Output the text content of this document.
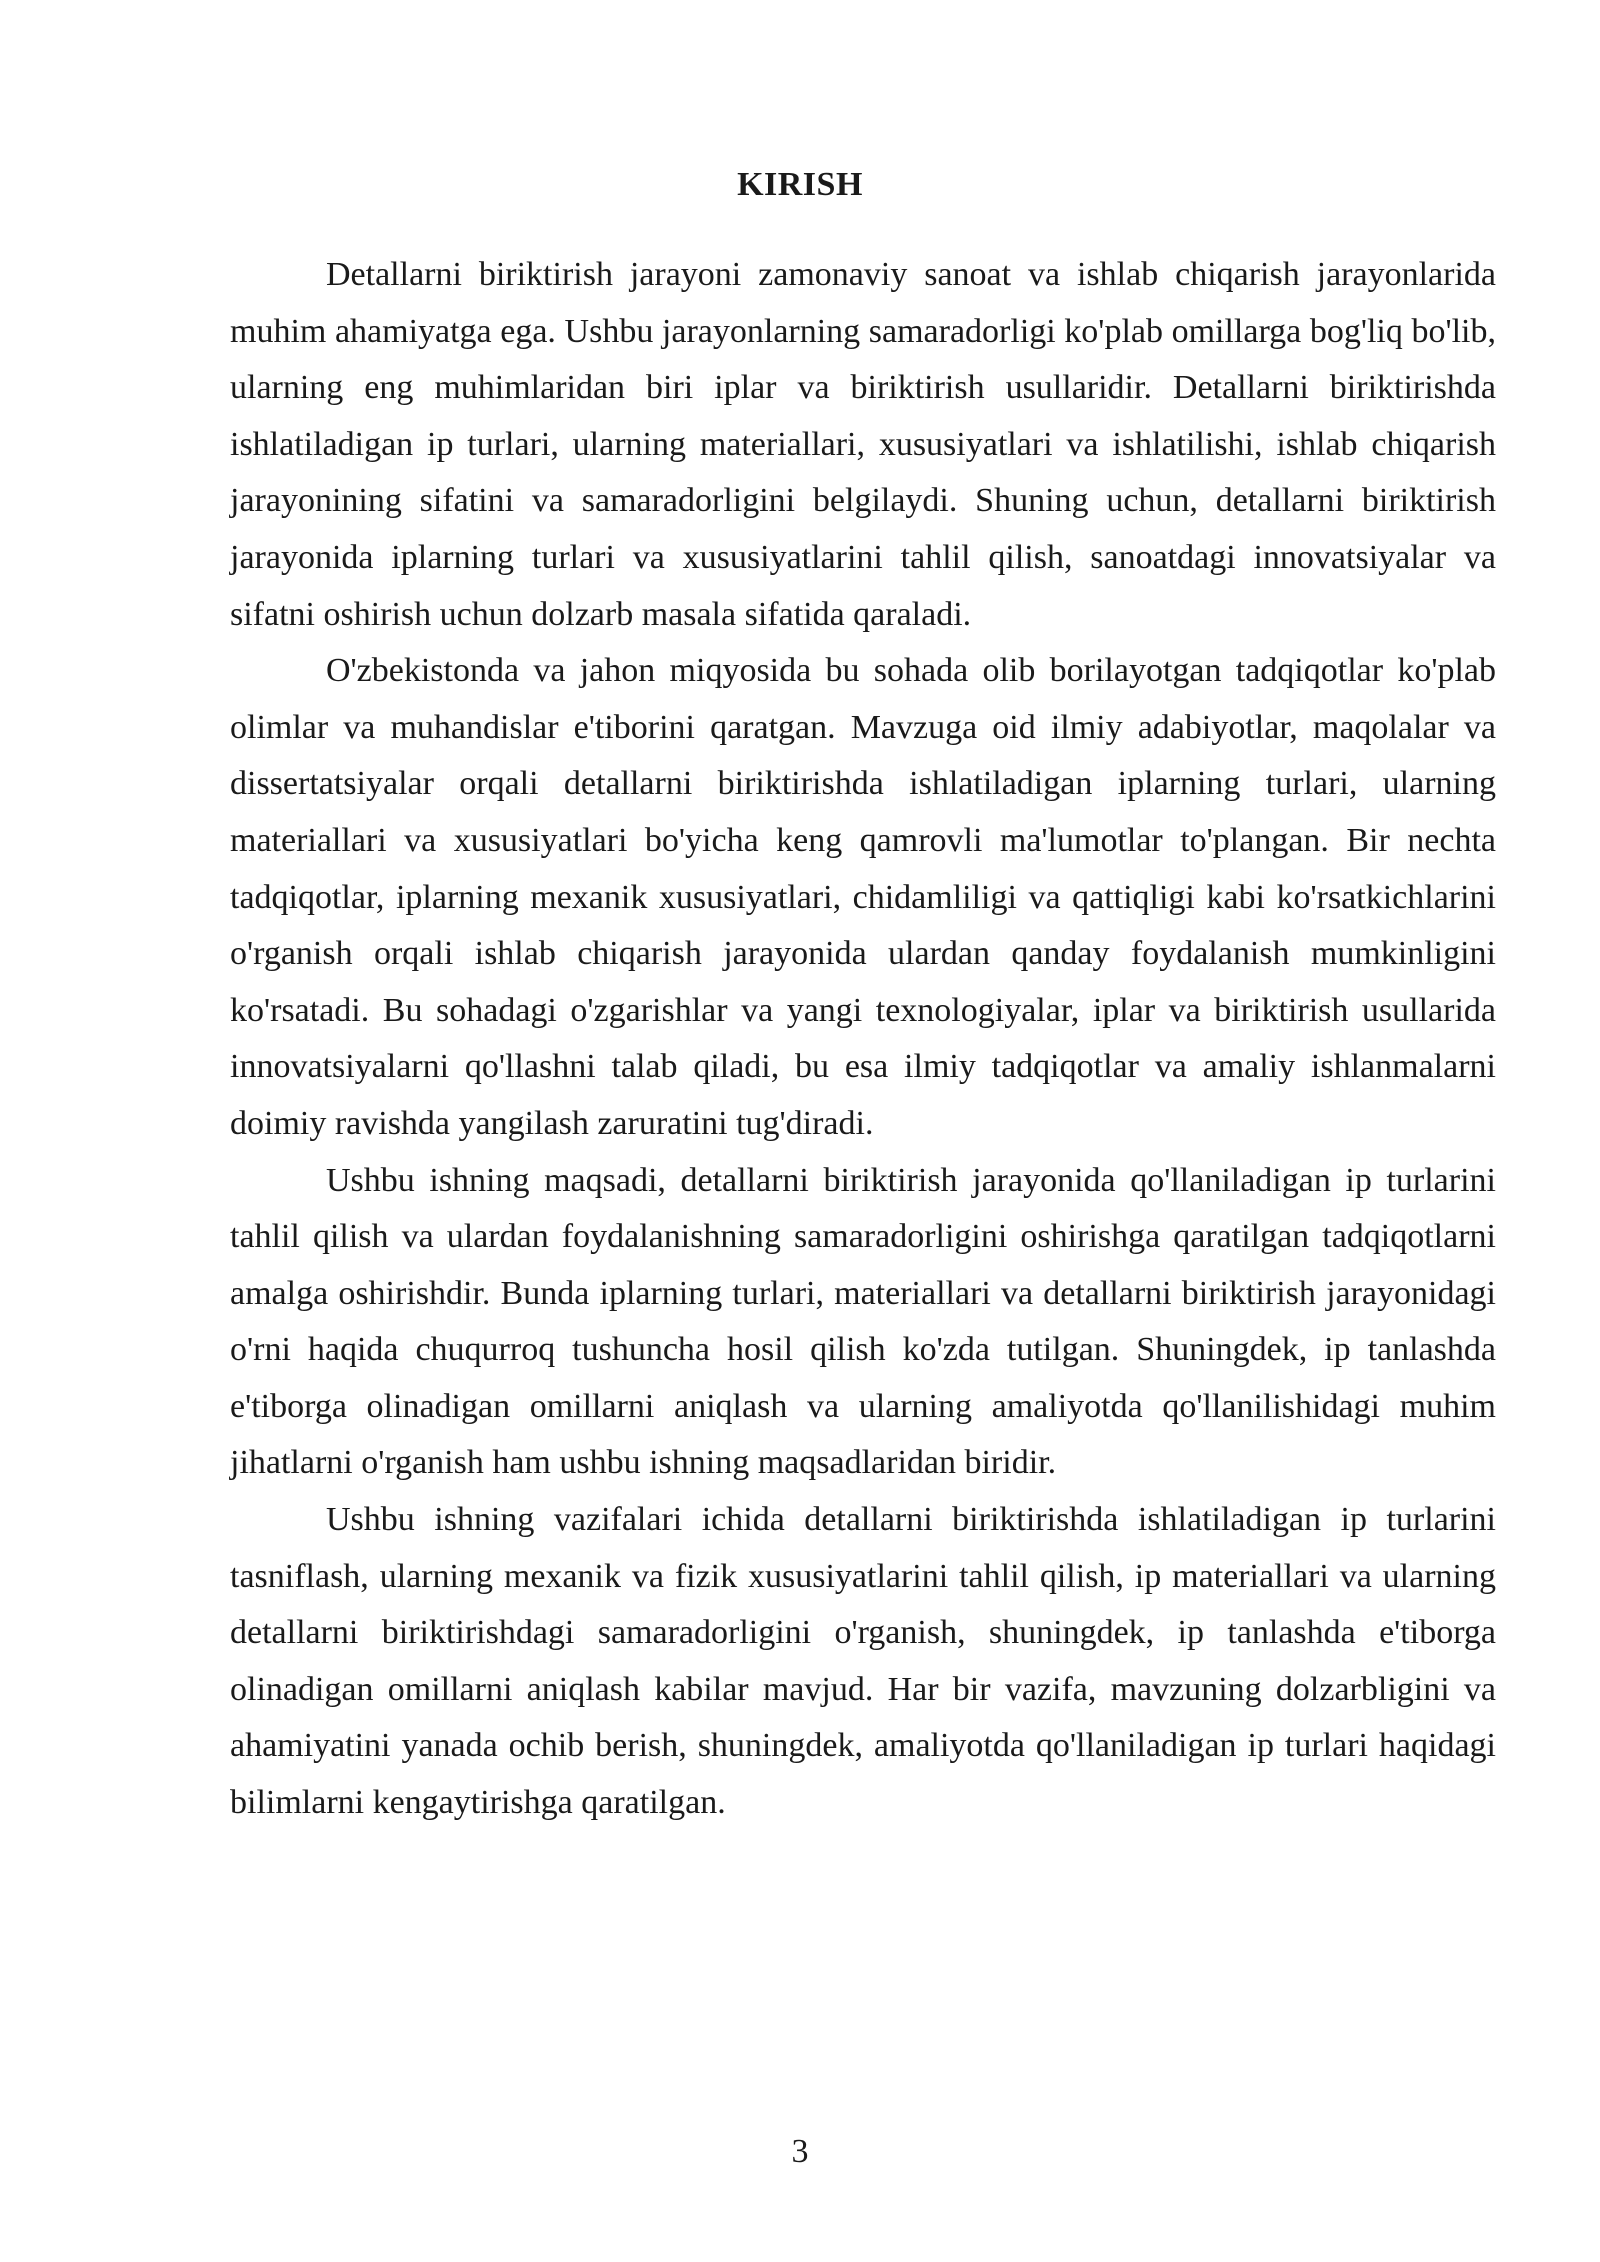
KIRISH

Detallarni biriktirish jarayoni zamonaviy sanoat va ishlab chiqarish jarayonlarida muhim ahamiyatga ega. Ushbu jarayonlarning samaradorligi ko'plab omillarga bog'liq bo'lib, ularning eng muhimlaridan biri iplar va biriktirish usullaridir. Detallarni biriktirishda ishlatiladigan ip turlari, ularning materiallari, xususiyatlari va ishlatilishi, ishlab chiqarish jarayonining sifatini va samaradorligini belgilaydi. Shuning uchun, detallarni biriktirish jarayonida iplarning turlari va xususiyatlarini tahlil qilish, sanoatdagi innovatsiyalar va sifatni oshirish uchun dolzarb masala sifatida qaraladi.

O'zbekistonda va jahon miqyosida bu sohada olib borilayotgan tadqiqotlar ko'plab olimlar va muhandislar e'tiborini qaratgan. Mavzuga oid ilmiy adabiyotlar, maqolalar va dissertatsiyalar orqali detallarni biriktirishda ishlatiladigan iplarning turlari, ularning materiallari va xususiyatlari bo'yicha keng qamrovli ma'lumotlar to'plangan. Bir nechta tadqiqotlar, iplarning mexanik xususiyatlari, chidamliligi va qattiqligi kabi ko'rsatkichlarini o'rganish orqali ishlab chiqarish jarayonida ulardan qanday foydalanish mumkinligini ko'rsatadi. Bu sohadagi o'zgarishlar va yangi texnologiyalar, iplar va biriktirish usullarida innovatsiyalarni qo'llashni talab qiladi, bu esa ilmiy tadqiqotlar va amaliy ishlanmalarni doimiy ravishda yangilash zaruratini tug'diradi.

Ushbu ishning maqsadi, detallarni biriktirish jarayonida qo'llaniladigan ip turlarini tahlil qilish va ulardan foydalanishning samaradorligini oshirishga qaratilgan tadqiqotlarni amalga oshirishdir. Bunda iplarning turlari, materiallari va detallarni biriktirish jarayonidagi o'rni haqida chuqurroq tushuncha hosil qilish ko'zda tutilgan. Shuningdek, ip tanlashda e'tiborga olinadigan omillarni aniqlash va ularning amaliyotda qo'llanilishidagi muhim jihatlarni o'rganish ham ushbu ishning maqsadlaridan biridir.

Ushbu ishning vazifalari ichida detallarni biriktirishda ishlatiladigan ip turlarini tasniflash, ularning mexanik va fizik xususiyatlarini tahlil qilish, ip materiallari va ularning detallarni biriktirishdagi samaradorligini o'rganish, shuningdek, ip tanlashda e'tiborga olinadigan omillarni aniqlash kabilar mavjud. Har bir vazifa, mavzuning dolzarbligini va ahamiyatini yanada ochib berish, shuningdek, amaliyotda qo'llaniladigan ip turlari haqidagi bilimlarni kengaytirishga qaratilgan.

3
